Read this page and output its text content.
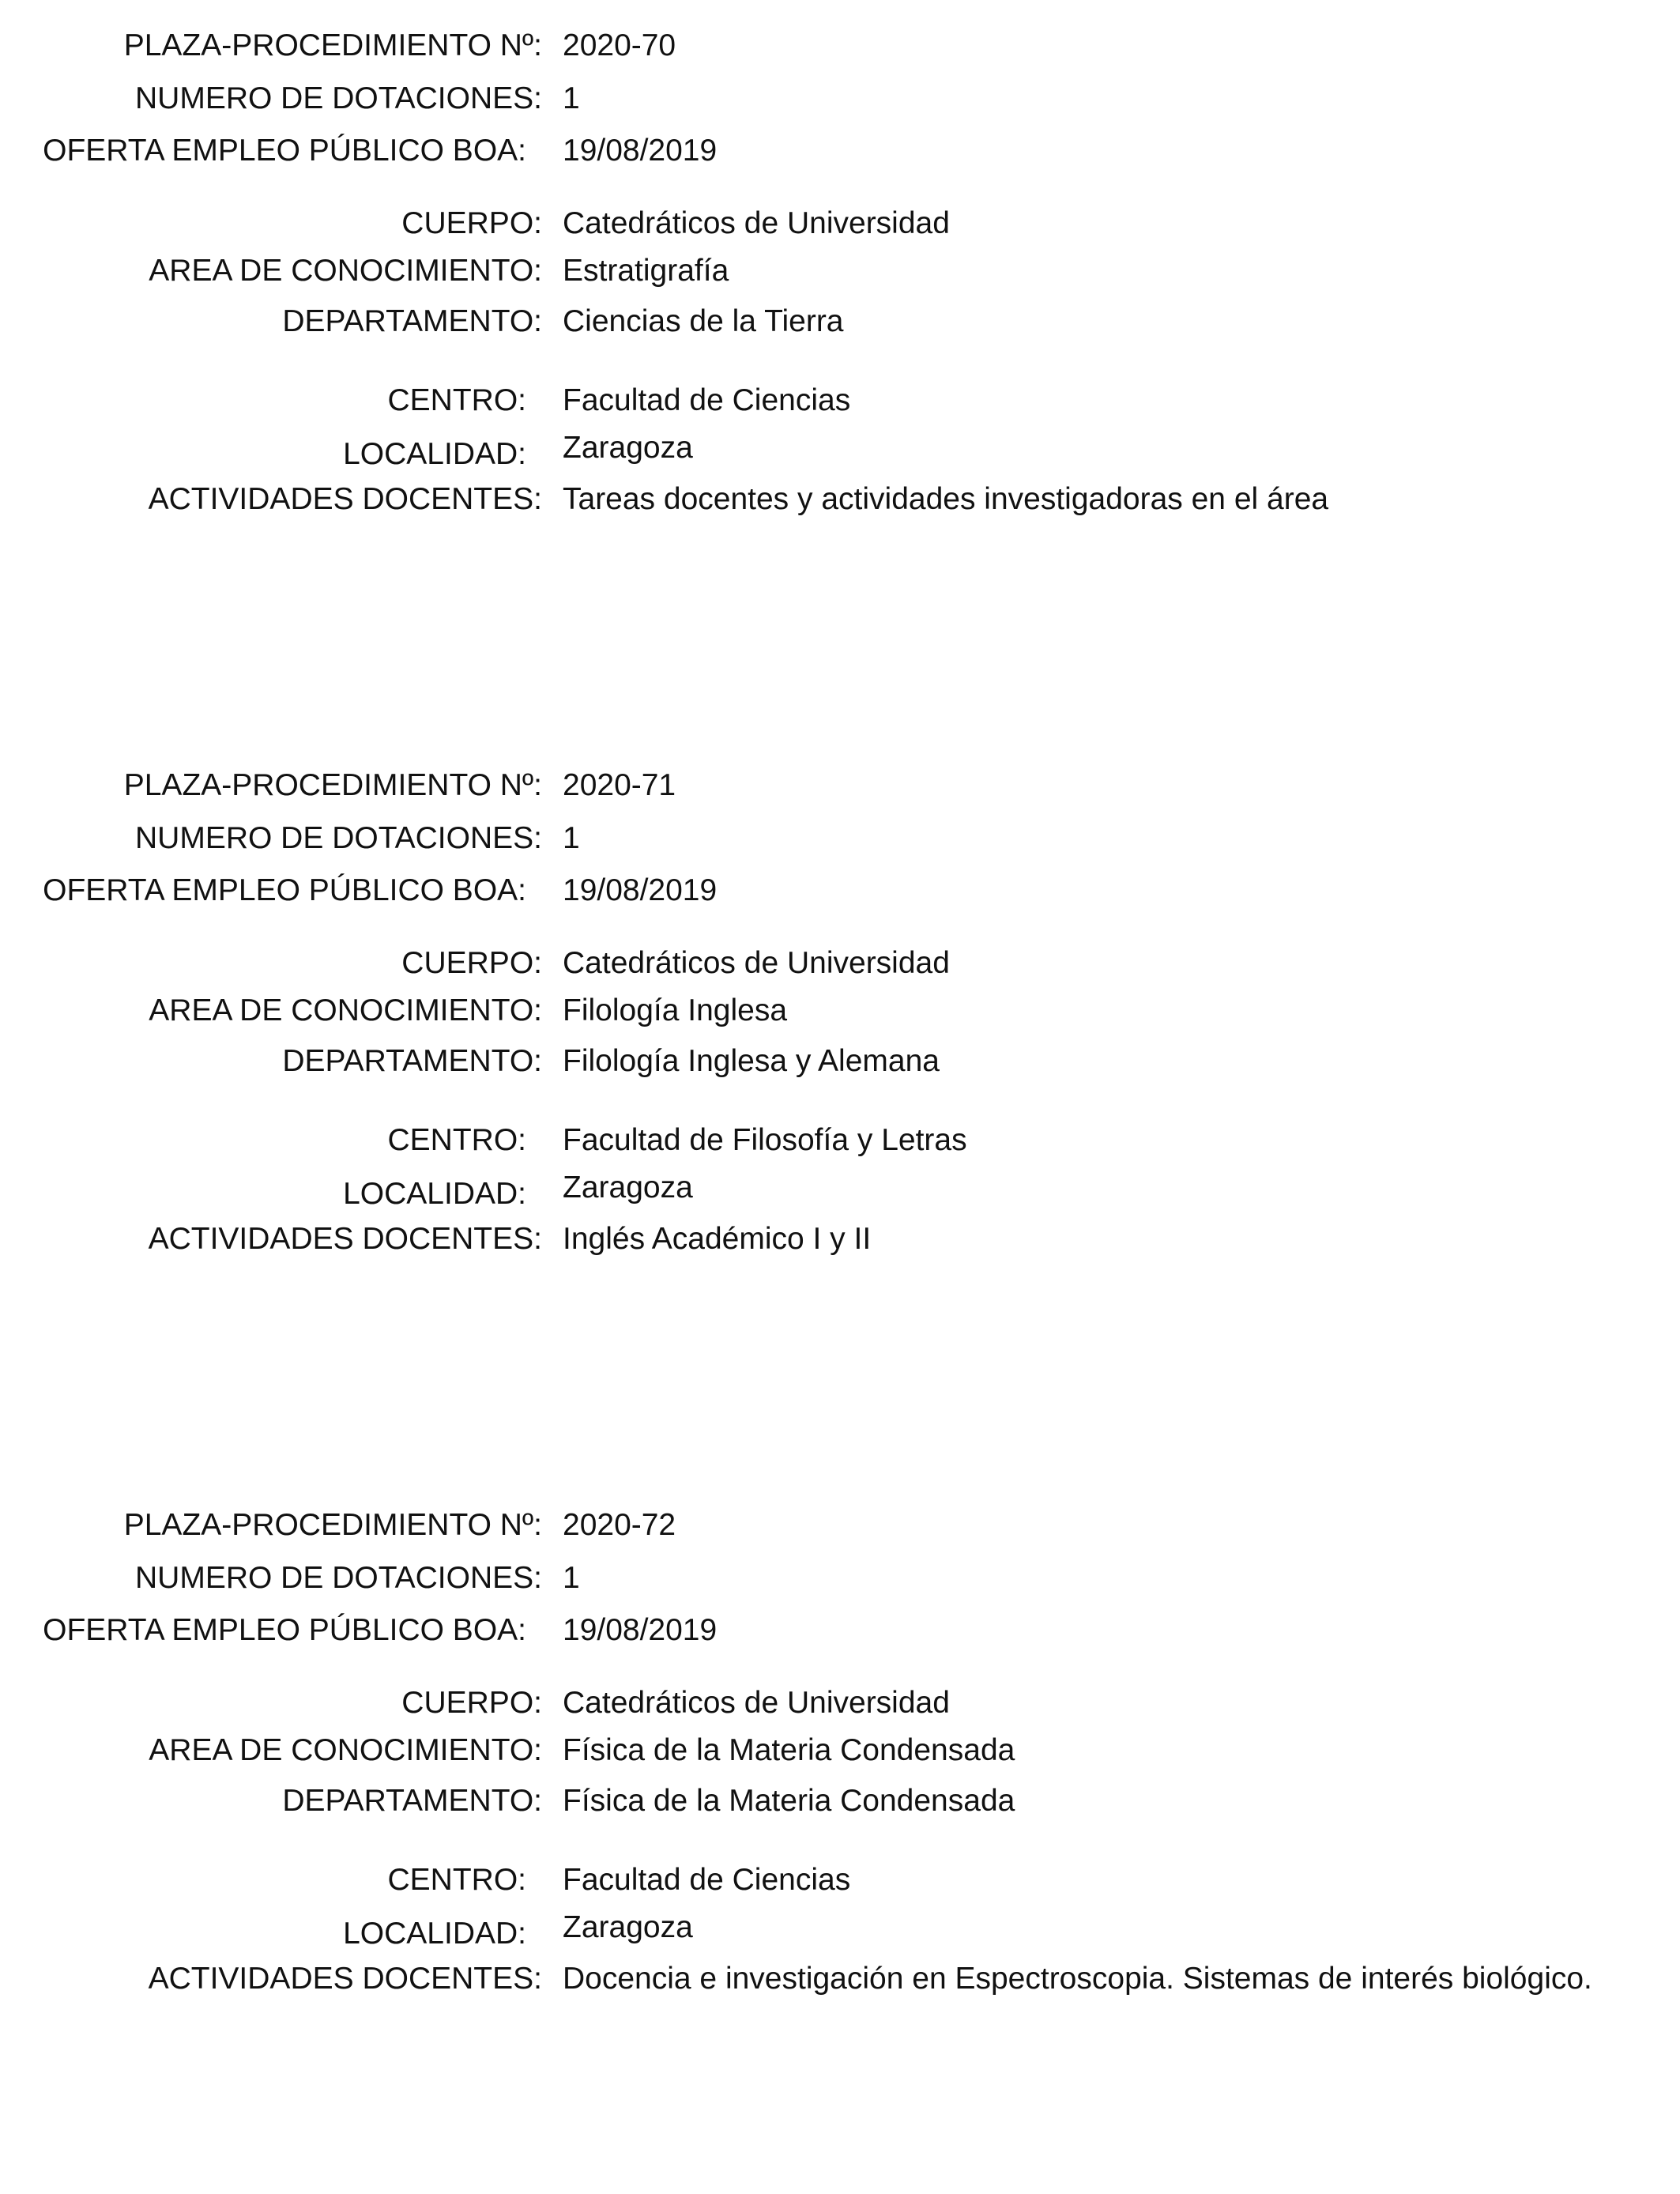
PLAZA-PROCEDIMIENTO Nº: 2020-70
NUMERO DE DOTACIONES: 1
OFERTA EMPLEO PÚBLICO BOA: 19/08/2019
CUERPO: Catedráticos de Universidad
AREA DE CONOCIMIENTO: Estratigrafía
DEPARTAMENTO: Ciencias de la Tierra
CENTRO: Facultad de Ciencias
LOCALIDAD: Zaragoza
ACTIVIDADES DOCENTES: Tareas docentes y actividades investigadoras en el área
PLAZA-PROCEDIMIENTO Nº: 2020-71
NUMERO DE DOTACIONES: 1
OFERTA EMPLEO PÚBLICO BOA: 19/08/2019
CUERPO: Catedráticos de Universidad
AREA DE CONOCIMIENTO: Filología Inglesa
DEPARTAMENTO: Filología Inglesa y Alemana
CENTRO: Facultad de Filosofía y Letras
LOCALIDAD: Zaragoza
ACTIVIDADES DOCENTES: Inglés Académico I y II
PLAZA-PROCEDIMIENTO Nº: 2020-72
NUMERO DE DOTACIONES: 1
OFERTA EMPLEO PÚBLICO BOA: 19/08/2019
CUERPO: Catedráticos de Universidad
AREA DE CONOCIMIENTO: Física de la Materia Condensada
DEPARTAMENTO: Física de la Materia Condensada
CENTRO: Facultad de Ciencias
LOCALIDAD: Zaragoza
ACTIVIDADES DOCENTES: Docencia e investigación en Espectroscopia. Sistemas de interés biológico.
